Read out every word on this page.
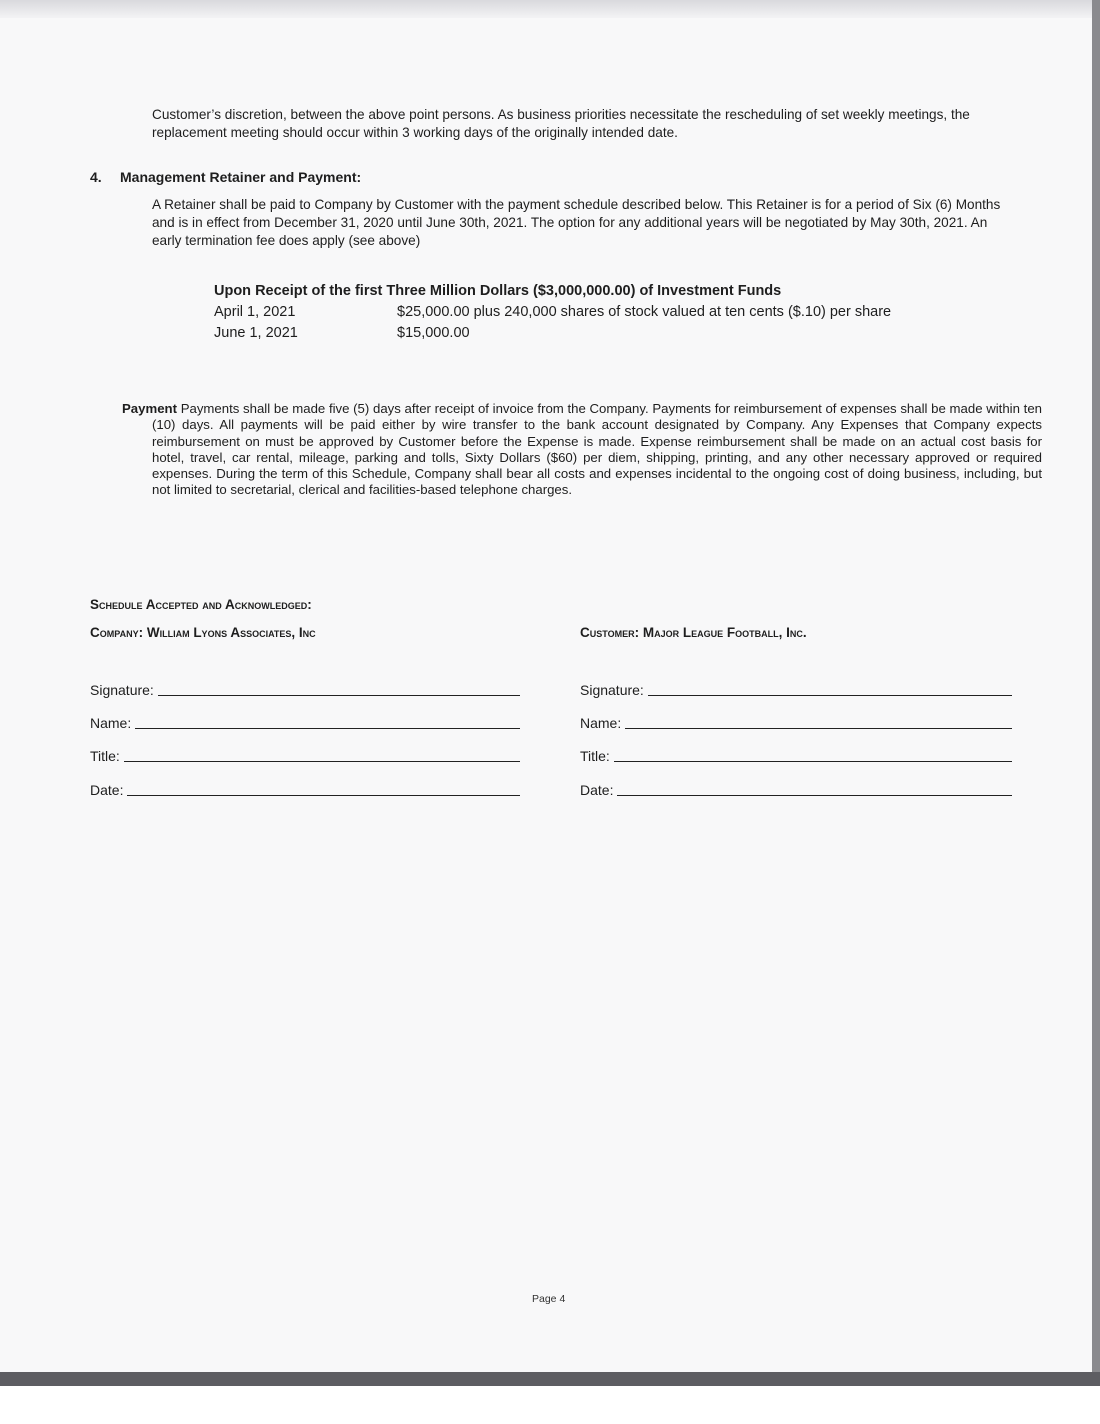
Customer’s discretion, between the above point persons. As business priorities necessitate the rescheduling of set weekly meetings, the replacement meeting should occur within 3 working days of the originally intended date.
4. Management Retainer and Payment:
A Retainer shall be paid to Company by Customer with the payment schedule described below. This Retainer is for a period of Six (6) Months and is in effect from December 31, 2020 until June 30th, 2021. The option for any additional years will be negotiated by May 30th, 2021. An early termination fee does apply (see above)
Upon Receipt of the first Three Million Dollars ($3,000,000.00) of Investment Funds
April 1, 2021	$25,000.00 plus 240,000 shares of stock valued at ten cents ($.10) per share
June 1, 2021	$15,000.00
Payment Payments shall be made five (5) days after receipt of invoice from the Company. Payments for reimbursement of expenses shall be made within ten (10) days. All payments will be paid either by wire transfer to the bank account designated by Company. Any Expenses that Company expects reimbursement on must be approved by Customer before the Expense is made. Expense reimbursement shall be made on an actual cost basis for hotel, travel, car rental, mileage, parking and tolls, Sixty Dollars ($60) per diem, shipping, printing, and any other necessary approved or required expenses. During the term of this Schedule, Company shall bear all costs and expenses incidental to the ongoing cost of doing business, including, but not limited to secretarial, clerical and facilities-based telephone charges.
Schedule Accepted and Acknowledged:
Company: William Lyons Associates, Inc	Customer: Major League Football, Inc.
Signature:
Name:
Title:
Date:
Signature:
Name:
Title:
Date:
Page 4
